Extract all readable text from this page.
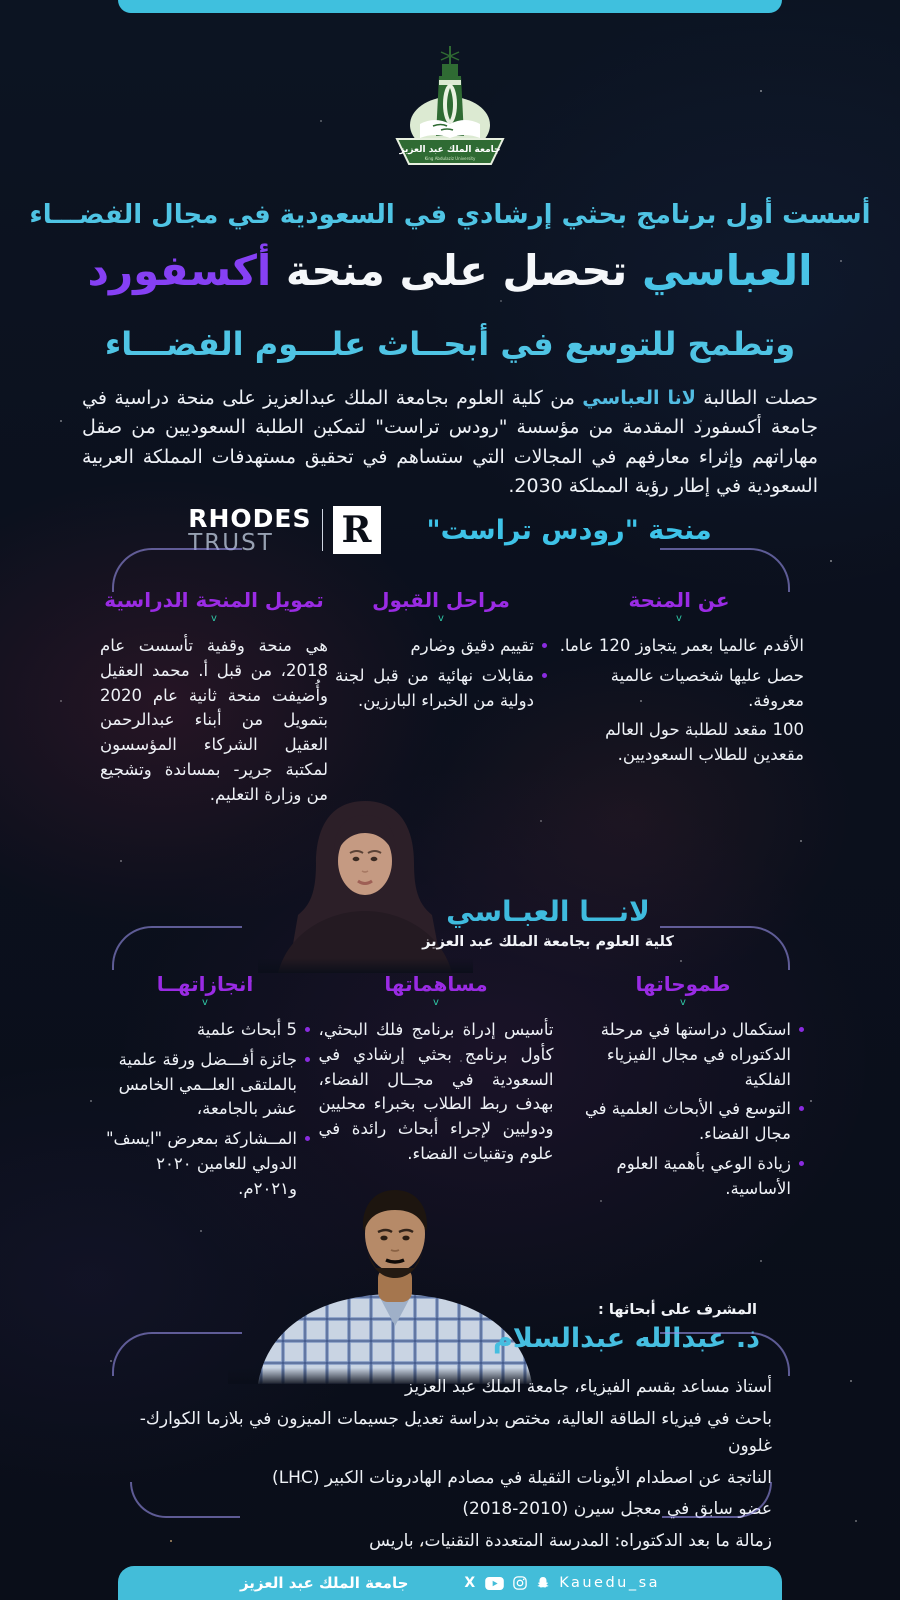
جامعة الملك عبد العزيز
King Abdulaziz University
أسست أول برنامج بحثي إرشادي في السعودية في مجال الفضـــاء
العباسي تحصل على منحة أكسفورد
وتطمح للتوسع في أبحــاث علـــوم الفضـــاء
حصلت الطالبة لانا العباسي من كلية العلوم بجامعة الملك عبدالعزيز على منحة دراسية في جامعة أكسفورد المقدمة من مؤسسة "رودس تراست" لتمكين الطلبة السعوديين من صقل مهاراتهم وإثراء معارفهم في المجالات التي ستساهم في تحقيق مستهدفات المملكة العربية السعودية في إطار رؤية المملكة 2030.
منحة "رودس تراست"
R
RHODES
TRUST
عن المنحة
v
الأقدم عالميا بعمر يتجاوز 120 عاما.
حصل عليها شخصيات عالمية معروفة.
100 مقعد للطلبة حول العالم مقعدين للطلاب السعوديين.
مراحل القبول
v
تقييم دقيق وصارم
مقابلات نهائية من قبل لجنة دولية من الخبراء البارزين.
تمويل المنحة الدراسية
v
هي منحة وقفية تأسست عام 2018، من قبل أ. محمد العقيل وأُضيفت منحة ثانية عام 2020 بتمويل من أبناء عبدالرحمن العقيل الشركاء المؤسسون لمكتبة جرير- بمساندة وتشجيع من وزارة التعليم.
لانـــا العبـاسي
كلية العلوم بجامعة الملك عبد العزيز
طموحاتها
v
استكمال دراستها في مرحلة الدكتوراه في مجال الفيزياء الفلكية
التوسع في الأبحاث العلمية في مجال الفضاء.
زيادة الوعي بأهمية العلوم الأساسية.
مساهماتها
v
تأسيس إدراة برنامج فلك البحثي، كأول برنامج بحثي إرشادي في السعودية في مجــال الفضاء، بهدف ربط الطلاب بخبراء محليين ودوليين لإجراء أبحاث رائدة في علوم وتقنيات الفضاء.
انجازاتهــا
v
5 أبحاث علمية
جائزة أفـــضل ورقة علمية بالملتقى العلــمي الخامس عشر بالجامعة،
المــشاركة بمعرض "ايسف" الدولي للعامين ٢٠٢٠ و٢٠٢١م.
المشرف على أبحاثها :
ذ. عبدالله عبدالسلام
أستاذ مساعد بقسم الفيزياء، جامعة الملك عبد العزيز
باحث في فيزياء الطاقة العالية، مختص بدراسة تعديل جسيمات الميزون في بلازما الكوارك-غلوون
الناتجة عن اصطدام الأيونات الثقيلة في مصادم الهادرونات الكبير (LHC)
عضو سابق في معجل سيرن (2010-2018)
زمالة ما بعد الدكتوراه: المدرسة المتعددة التقنيات، باريس
جامعة الملك عبد العزيز	X	Kauedu_sa
